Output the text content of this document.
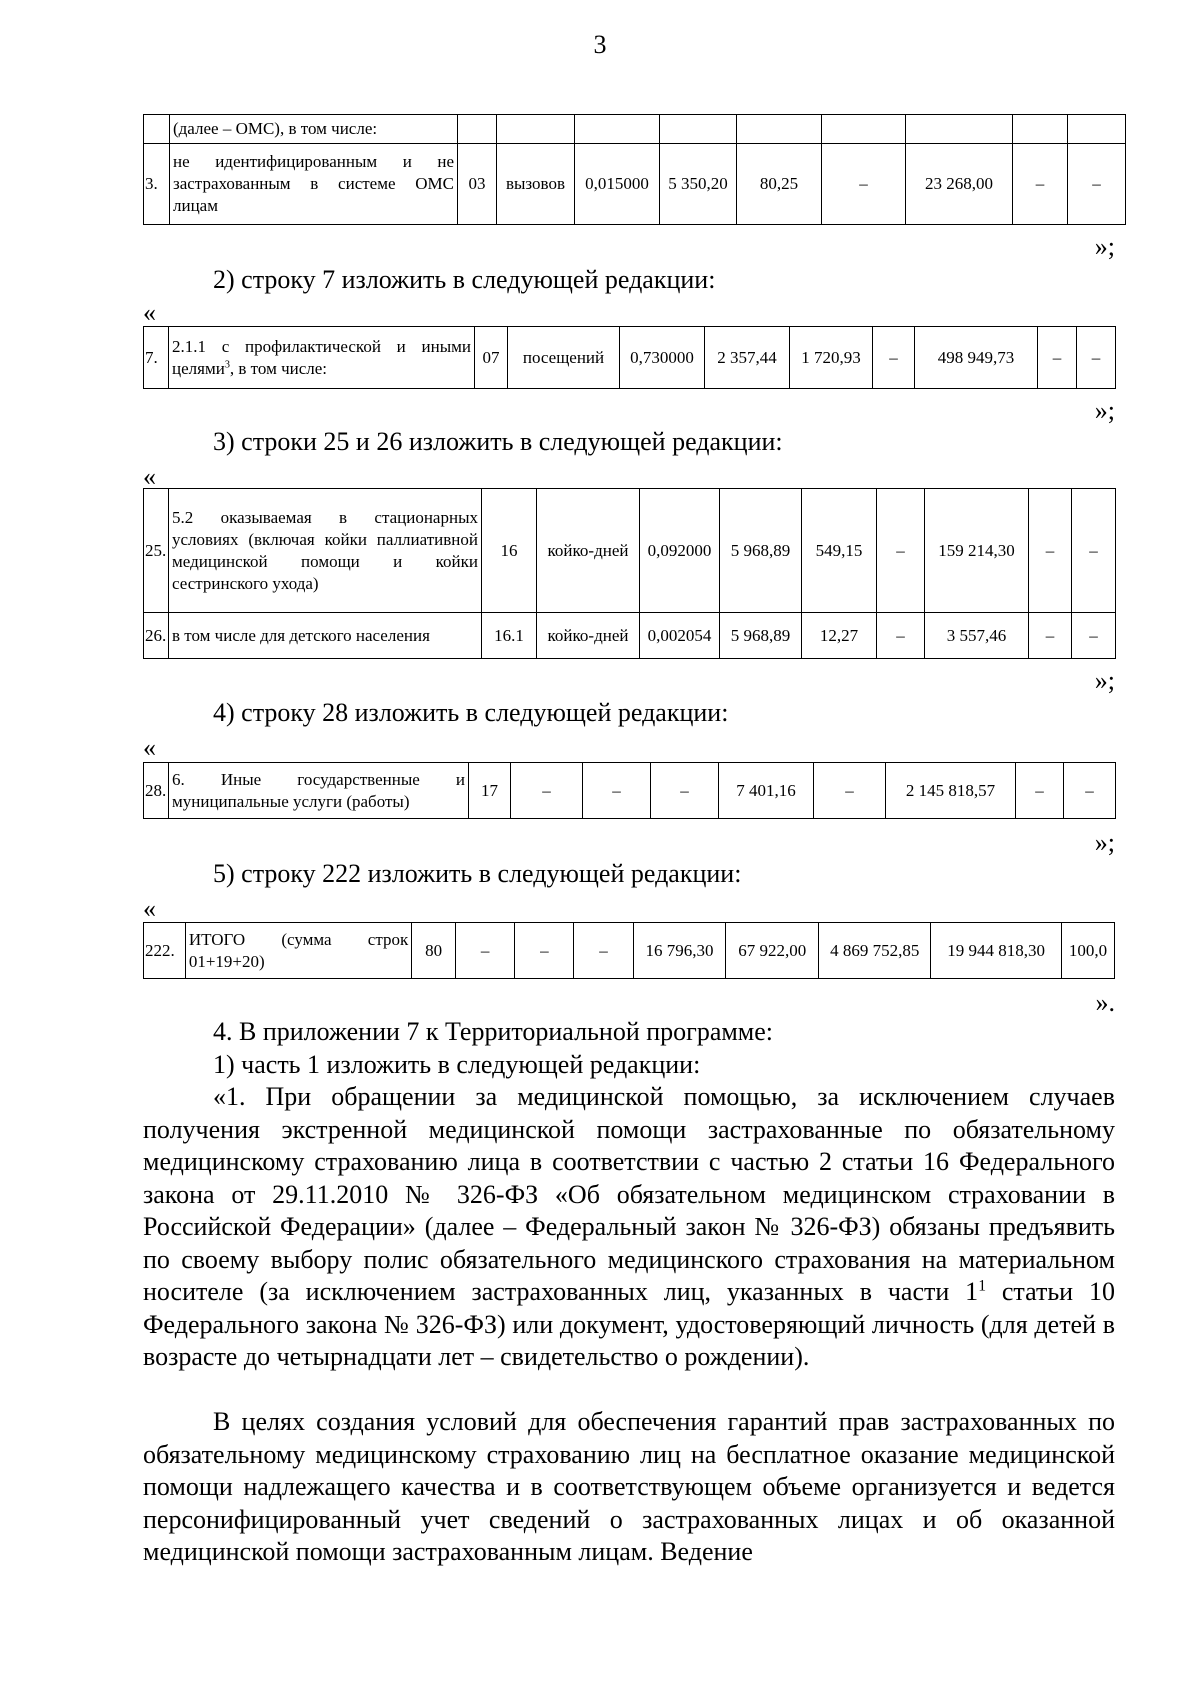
3
	(далее – ОМС), в том числе:									
3.	не идентифицированным и не застрахованным в системе ОМС лицам	03	вызовов	0,015000	5 350,20	80,25	–	23 268,00	–	–
»;
2) строку 7 изложить в следующей редакции:
«
7.	2.1.1 с профилактической и иными целями$^3$, в том числе:	07	посещений	0,730000	2 357,44	1 720,93	–	498 949,73	–	–
»;
3) строки 25 и 26 изложить в следующей редакции:
«
25.	5.2 оказываемая в стационарных условиях (включая койки паллиативной медицинской помощи и койки сестринского ухода)	16	койко-дней	0,092000	5 968,89	549,15	–	159 214,30	–	–
26.	в том числе для детского населения	16.1	койко-дней	0,002054	5 968,89	12,27	–	3 557,46	–	–
»;
4) строку 28 изложить в следующей редакции:
«
28.	6. Иные государственные и муниципальные услуги (работы)	17	–	–	–	7 401,16	–	2 145 818,57	–	–
»;
5) строку 222 изложить в следующей редакции:
«
222.	ИТОГО (сумма строк 01+19+20)	80	–	–	–	16 796,30	67 922,00	4 869 752,85	19 944 818,30	100,0
».
4. В приложении 7 к Территориальной программе:
1) часть 1 изложить в следующей редакции:
«1. При обращении за медицинской помощью, за исключением случаев получения экстренной медицинской помощи застрахованные по обязательному медицинскому страхованию лица в соответствии с частью 2 статьи 16 Федерального закона от 29.11.2010 № 326-ФЗ «Об обязательном медицинском страховании в Российской Федерации» (далее – Федеральный закон № 326-ФЗ) обязаны предъявить по своему выбору полис обязательного медицинского страхования на материальном носителе (за исключением застрахованных лиц, указанных в части $1^1$ статьи 10 Федерального закона № 326-ФЗ) или документ, удостоверяющий личность (для детей в возрасте до четырнадцати лет – свидетельство о рождении).
В целях создания условий для обеспечения гарантий прав застрахованных по обязательному медицинскому страхованию лиц на бесплатное оказание медицинской помощи надлежащего качества и в соответствующем объеме организуется и ведется персонифицированный учет сведений о застрахованных лицах и об оказанной медицинской помощи застрахованным лицам. Ведение
